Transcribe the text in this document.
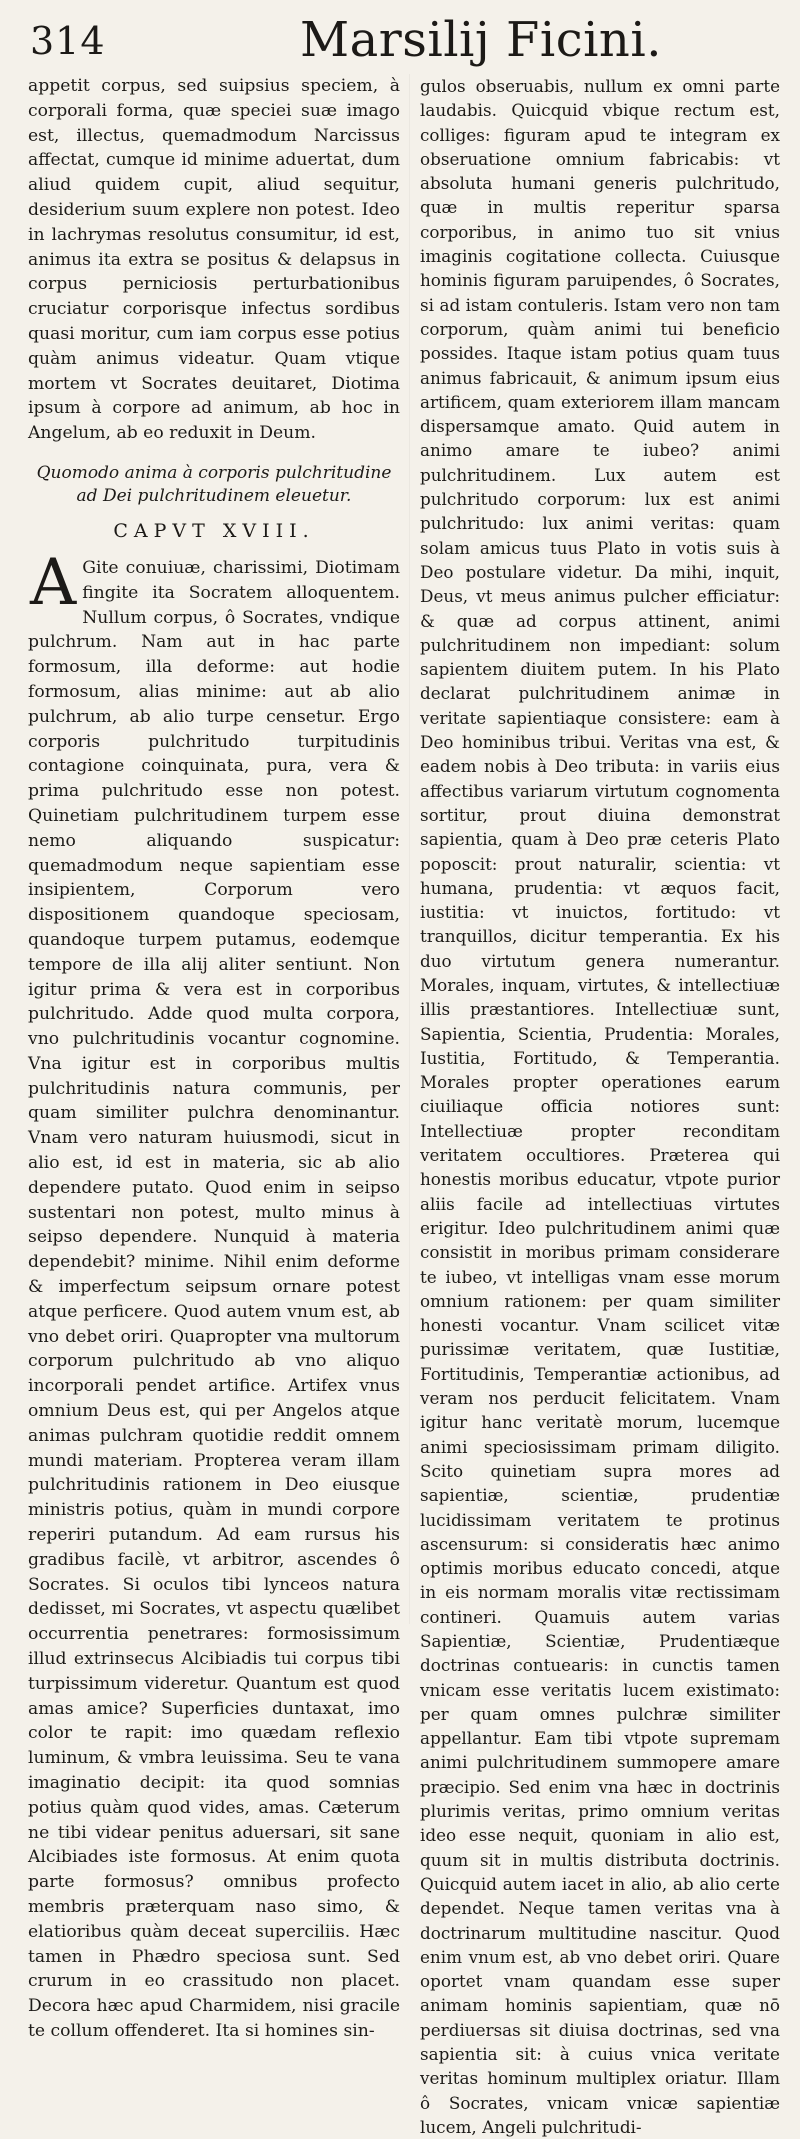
314	Marsilij Ficini.

appetit corpus, sed suipsius speciem, à corporali forma, quæ speciei suæ imago est, illectus, quemadmodum Narcissus affectat, cumque id minime aduertat, dum aliud quidem cupit, aliud sequitur, desiderium suum explere non potest. Ideo in lachrymas resolutus consumitur, id est, animus ita extra se positus & delapsus in corpus perniciosis perturbationibus cruciatur corporisque infectus sordibus quasi moritur, cum iam corpus esse potius quàm animus videatur. Quam vtique mortem vt Socrates deuitaret, Diotima ipsum à corpore ad animum, ab hoc in Angelum, ab eo reduxit in Deum.

Quomodo anima à corporis pulchritudine ad Dei pulchritudinem eleuetur.
CAPVT XVIII.

A Gite conuiuæ, charissimi, Diotimam fingite ita Socratem alloquentem. Nullum corpus, ô Socrates, vndique pulchrum. Nam aut in hac parte formosum, illa deforme: aut hodie formosum, alias minime: aut ab alio pulchrum, ab alio turpe censetur. Ergo corporis pulchritudo turpitudinis contagione coinquinata, pura, vera & prima pulchritudo esse non potest. Quinetiam pulchritudinem turpem esse nemo aliquando suspicatur: quemadmodum neque sapientiam esse insipientem, Corporum vero dispositionem quandoque speciosam, quandoque turpem putamus, eodemque tempore de illa alij aliter sentiunt. Non igitur prima & vera est in corporibus pulchritudo. Adde quod multa corpora, vno pulchritudinis vocantur cognomine. Vna igitur est in corporibus multis pulchritudinis natura communis, per quam similiter pulchra denominantur. Vnam vero naturam huiusmodi, sicut in alio est, id est in materia, sic ab alio dependere putato. Quod enim in seipso sustentari non potest, multo minus à seipso dependere. Nunquid à materia dependebit? minime. Nihil enim deforme & imperfectum seipsum ornare potest atque perficere. Quod autem vnum est, ab vno debet oriri. Quapropter vna multorum corporum pulchritudo ab vno aliquo incorporali pendet artifice. Artifex vnus omnium Deus est, qui per Angelos atque animas pulchram quotidie reddit omnem mundi materiam. Propterea veram illam pulchritudinis rationem in Deo eiusque ministris potius, quàm in mundi corpore reperiri putandum. Ad eam rursus his gradibus facilè, vt arbitror, ascendes ô Socrates. Si oculos tibi lynceos natura dedisset, mi Socrates, vt aspectu quælibet occurrentia penetrares: formosissimum illud extrinsecus Alcibiadis tui corpus tibi turpissimum videretur. Quantum est quod amas amice? Superficies duntaxat, imo color te rapit: imo quædam reflexio luminum, & vmbra leuissima. Seu te vana imaginatio decipit: ita quod somnias potius quàm quod vides, amas. Cæterum ne tibi videar penitus aduersari, sit sane Alcibiades iste formosus. At enim quota parte formosus? omnibus profecto membris præterquam naso simo, & elatioribus quàm deceat superciliis. Hæc tamen in Phædro speciosa sunt. Sed crurum in eo crassitudo non placet. Decora hæc apud Charmidem, nisi gracile te collum offenderet. Ita si homines sin-

gulos obseruabis, nullum ex omni parte laudabis. Quicquid vbique rectum est, colliges: figuram apud te integram ex obseruatione omnium fabricabis: vt absoluta humani generis pulchritudo, quæ in multis reperitur sparsa corporibus, in animo tuo sit vnius imaginis cogitatione collecta. Cuiusque hominis figuram paruipendes, ô Socrates, si ad istam contuleris. Istam vero non tam corporum, quàm animi tui beneficio possides. Itaque istam potius quam tuus animus fabricauit, & animum ipsum eius artificem, quam exteriorem illam mancam dispersamque amato. Quid autem in animo amare te iubeo? animi pulchritudinem. Lux autem est pulchritudo corporum: lux est animi pulchritudo: lux animi veritas: quam solam amicus tuus Plato in votis suis à Deo postulare videtur. Da mihi, inquit, Deus, vt meus animus pulcher efficiatur: & quæ ad corpus attinent, animi pulchritudinem non impediant: solum sapientem diuitem putem. In his Plato declarat pulchritudinem animæ in veritate sapientiaque consistere: eam à Deo hominibus tribui. Veritas vna est, & eadem nobis à Deo tributa: in variis eius affectibus variarum virtutum cognomenta sortitur, prout diuina demonstrat sapientia, quam à Deo præ ceteris Plato poposcit: prout naturalir, scientia: vt humana, prudentia: vt æquos facit, iustitia: vt inuictos, fortitudo: vt tranquillos, dicitur temperantia. Ex his duo virtutum genera numerantur. Morales, inquam, virtutes, & intellectiuæ illis præstantiores. Intellectiuæ sunt, Sapientia, Scientia, Prudentia: Morales, Iustitia, Fortitudo, & Temperantia. Morales propter operationes earum ciuiliaque officia notiores sunt: Intellectiuæ propter reconditam veritatem occultiores. Præterea qui honestis moribus educatur, vtpote purior aliis facile ad intellectiuas virtutes erigitur. Ideo pulchritudinem animi quæ consistit in moribus primam considerare te iubeo, vt intelligas vnam esse morum omnium rationem: per quam similiter honesti vocantur. Vnam scilicet vitæ purissimæ veritatem, quæ Iustitiæ, Fortitudinis, Temperantiæ actionibus, ad veram nos perducit felicitatem. Vnam igitur hanc veritatè morum, lucemque animi speciosissimam primam diligito. Scito quinetiam supra mores ad sapientiæ, scientiæ, prudentiæ lucidissimam veritatem te protinus ascensurum: si consideratis hæc animo optimis moribus educato concedi, atque in eis normam moralis vitæ rectissimam contineri. Quamuis autem varias Sapientiæ, Scientiæ, Prudentiæque doctrinas contuearis: in cunctis tamen vnicam esse veritatis lucem existimato: per quam omnes pulchræ similiter appellantur. Eam tibi vtpote supremam animi pulchritudinem summopere amare præcipio. Sed enim vna hæc in doctrinis plurimis veritas, primo omnium veritas ideo esse nequit, quoniam in alio est, quum sit in multis distributa doctrinis. Quicquid autem iacet in alio, ab alio certe dependet. Neque tamen veritas vna à doctrinarum multitudine nascitur. Quod enim vnum est, ab vno debet oriri. Quare oportet vnam quandam esse super animam hominis sapientiam, quæ nō perdiuersas sit diuisa doctrinas, sed vna sapientia sit: à cuius vnica veritate veritas hominum multiplex oriatur. Illam ô Socrates, vnicam vnicæ sapientiæ lucem, Angeli pulchritudi-
